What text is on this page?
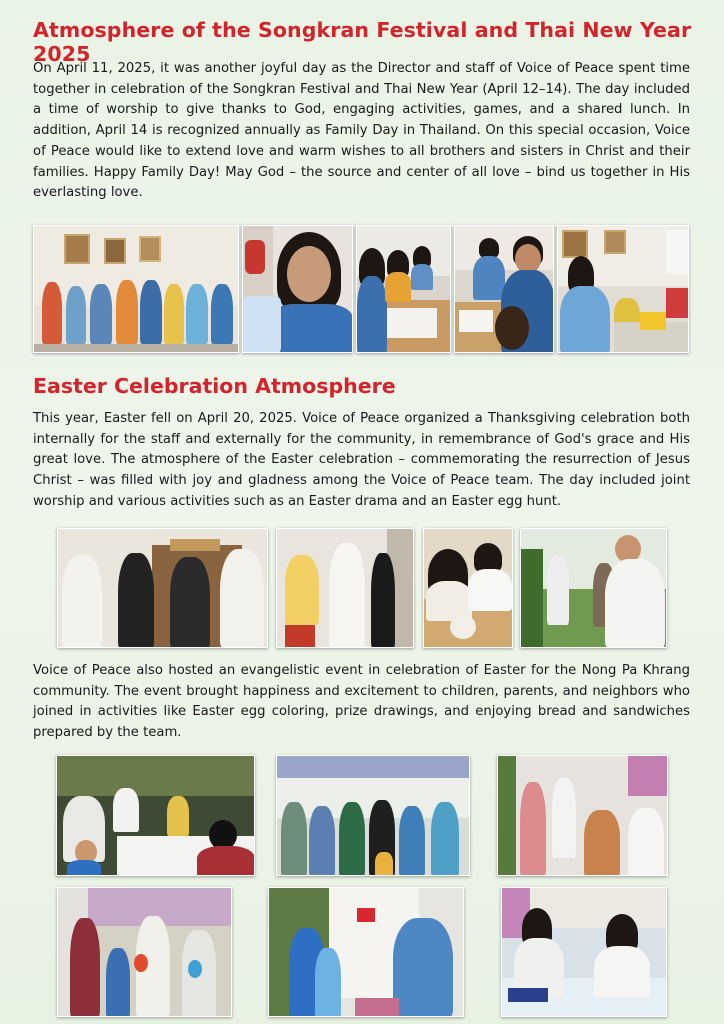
Atmosphere of the Songkran Festival and Thai New Year 2025

On April 11, 2025, it was another joyful day as the Director and staff of Voice of Peace spent time together in celebration of the Songkran Festival and Thai New Year (April 12–14). The day included a time of worship to give thanks to God, engaging activities, games, and a shared lunch. In addition, April 14 is recognized annually as Family Day in Thailand. On this special occasion, Voice of Peace would like to extend love and warm wishes to all brothers and sisters in Christ and their families. Happy Family Day! May God – the source and center of all love – bind us together in His everlasting love.

Easter Celebration Atmosphere

This year, Easter fell on April 20, 2025. Voice of Peace organized a Thanksgiving celebration both internally for the staff and externally for the community, in remembrance of God's grace and His great love. The atmosphere of the Easter celebration – commemorating the resurrection of Jesus Christ – was filled with joy and gladness among the Voice of Peace team. The day included joint worship and various activities such as an Easter drama and an Easter egg hunt.

Voice of Peace also hosted an evangelistic event in celebration of Easter for the Nong Pa Khrang community. The event brought happiness and excitement to children, parents, and neighbors who joined in activities like Easter egg coloring, prize drawings, and enjoying bread and sandwiches prepared by the team.
